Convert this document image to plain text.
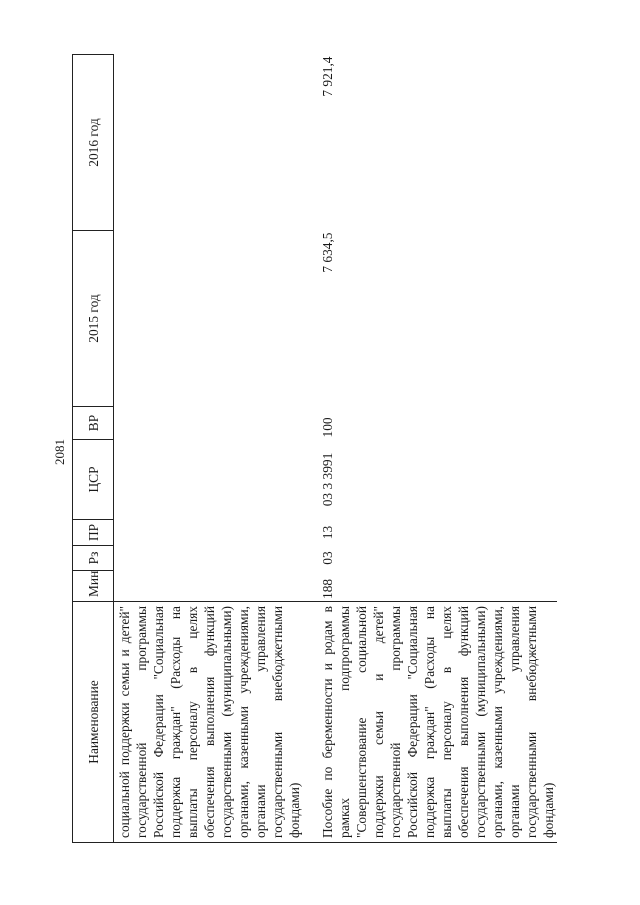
2081
Наименование	Мин	Рз	ПР	ЦСР	ВР	2015 год	2016 год
социальной поддержки семьи и детей" государственной программы Российской Федерации "Социальная поддержка граждан" (Расходы на выплаты персоналу в целях обеспечения выполнения функций государственными (муниципальными) органами, казенными учреждениями, органами управления государственными внебюджетными фондами)							
Пособие по беременности и родам в рамках подпрограммы "Совершенствование социальной поддержки семьи и детей" государственной программы Российской Федерации "Социальная поддержка граждан" (Расходы на выплаты персоналу в целях обеспечения выполнения функций государственными (муниципальными) органами, казенными учреждениями, органами управления государственными внебюджетными фондами)	188	03	13	03 3 3991	100	7 634,5	7 921,4
